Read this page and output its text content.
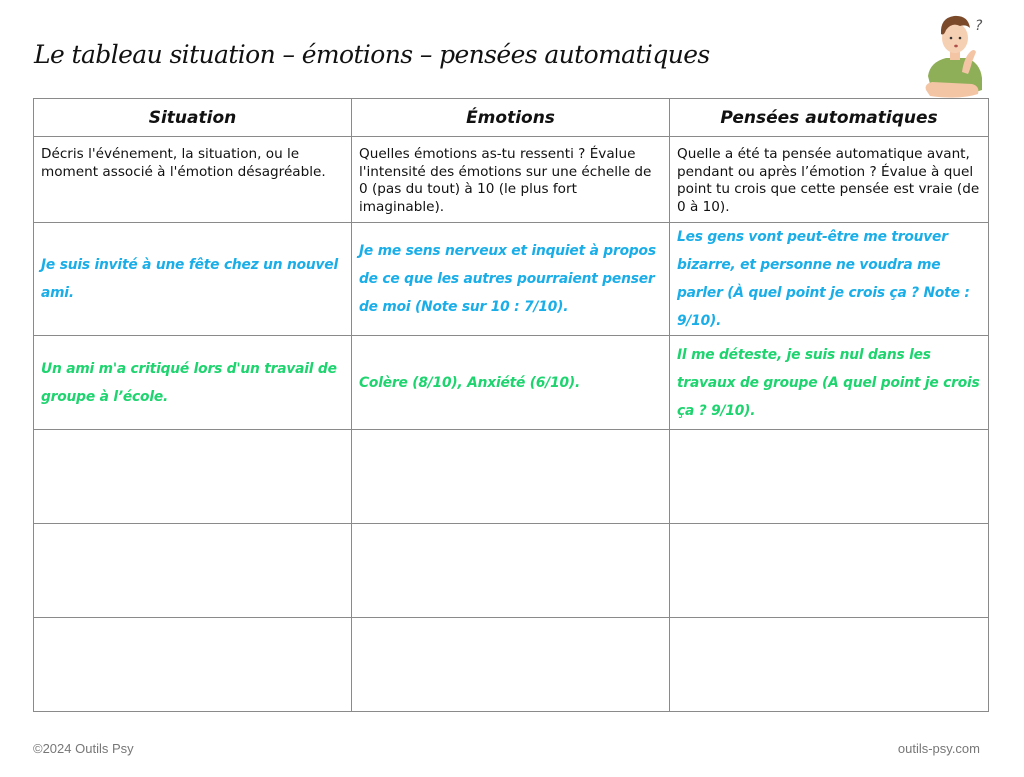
Le tableau situation – émotions – pensées automatiques
?
Situation	Émotions	Pensées automatiques
Décris l'événement, la situation, ou le moment associé à l'émotion désagréable.	Quelles émotions as-tu ressenti ? Évalue l'intensité des émotions sur une échelle de 0 (pas du tout) à 10 (le plus fort imaginable).	Quelle a été ta pensée automatique avant, pendant ou après l’émotion ? Évalue à quel point tu crois que cette pensée est vraie (de 0 à 10).
Je suis invité à une fête chez un nouvel ami.	Je me sens nerveux et inquiet à propos de ce que les autres pourraient penser de moi (Note sur 10 : 7/10).	Les gens vont peut-être me trouver bizarre, et personne ne voudra me parler (À quel point je crois ça ? Note : 9/10).
Un ami m'a critiqué lors d'un travail de groupe à l’école.	Colère (8/10), Anxiété (6/10).	Il me déteste, je suis nul dans les travaux de groupe (A quel point je crois ça ? 9/10).

©2024 Outils Psy	outils-psy.com
